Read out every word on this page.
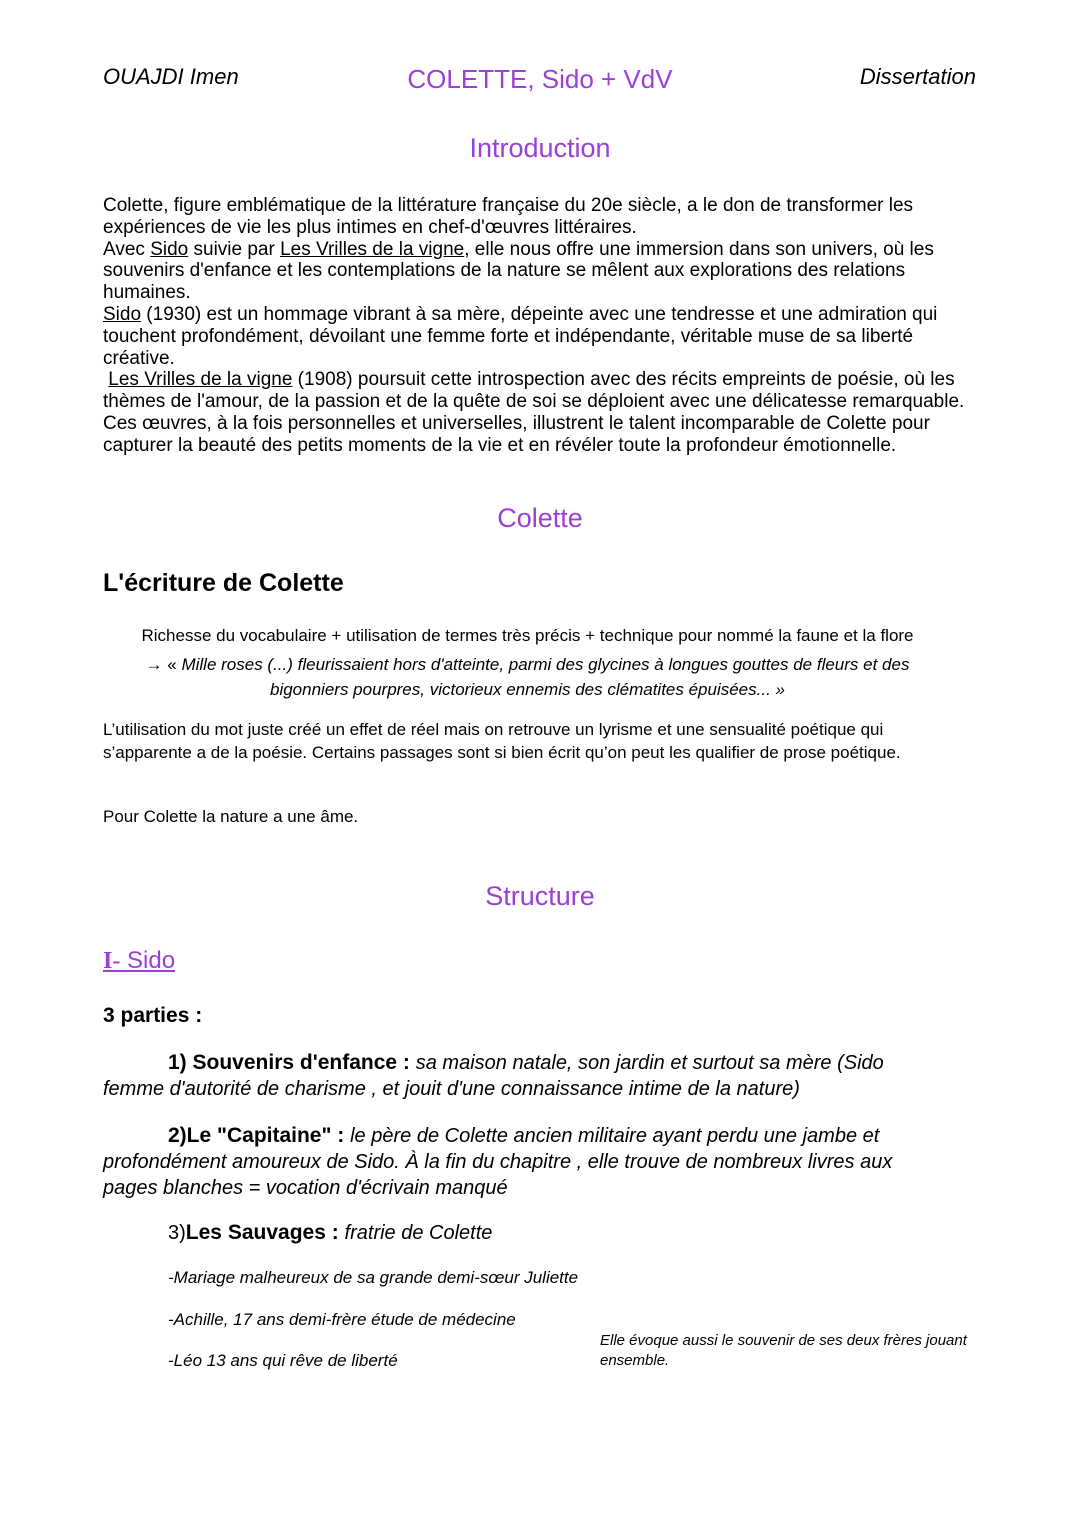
OUAJDI Imen	COLETTE, Sido + VdV	Dissertation
Introduction

Colette, figure emblématique de la littérature française du 20e siècle, a le don de transformer les expériences de vie les plus intimes en chef-d'œuvres littéraires.

Avec Sido suivie par Les Vrilles de la vigne, elle nous offre une immersion dans son univers, où les souvenirs d'enfance et les contemplations de la nature se mêlent aux explorations des relations humaines.

Sido (1930) est un hommage vibrant à sa mère, dépeinte avec une tendresse et une admiration qui touchent profondément, dévoilant une femme forte et indépendante, véritable muse de sa liberté créative.

Les Vrilles de la vigne (1908) poursuit cette introspection avec des récits empreints de poésie, où les thèmes de l'amour, de la passion et de la quête de soi se déploient avec une délicatesse remarquable.

Ces œuvres, à la fois personnelles et universelles, illustrent le talent incomparable de Colette pour capturer la beauté des petits moments de la vie et en révéler toute la profondeur émotionnelle.

Colette
L'écriture de Colette
Richesse du vocabulaire + utilisation de termes très précis + technique pour nommé la faune et la flore
→ « Mille roses (...) fleurissaient hors d'atteinte, parmi des glycines à longues gouttes de fleurs et des
bigonniers pourpres, victorieux ennemis des clématites épuisées... »
L’utilisation du mot juste créé un effet de réel mais on retrouve un lyrisme et une sensualité poétique qui s’apparente a de la poésie. Certains passages sont si bien écrit qu’on peut les qualifier de prose poétique.
Pour Colette la nature a une âme.
Structure
I- Sido
3 parties :
1) Souvenirs d'enfance : sa maison natale, son jardin et surtout sa mère (Sido femme d'autorité de charisme , et jouit d'une connaissance intime de la nature)
2)Le "Capitaine" : le père de Colette ancien militaire ayant perdu une jambe et profondément amoureux de Sido. À la fin du chapitre , elle trouve de nombreux livres aux pages blanches = vocation d'écrivain manqué
3)Les Sauvages : fratrie de Colette
-Mariage malheureux de sa grande demi-sœur Juliette
-Achille, 17 ans demi-frère étude de médecine
-Léo 13 ans qui rêve de liberté
Elle évoque aussi le souvenir de ses deux frères jouant ensemble.
